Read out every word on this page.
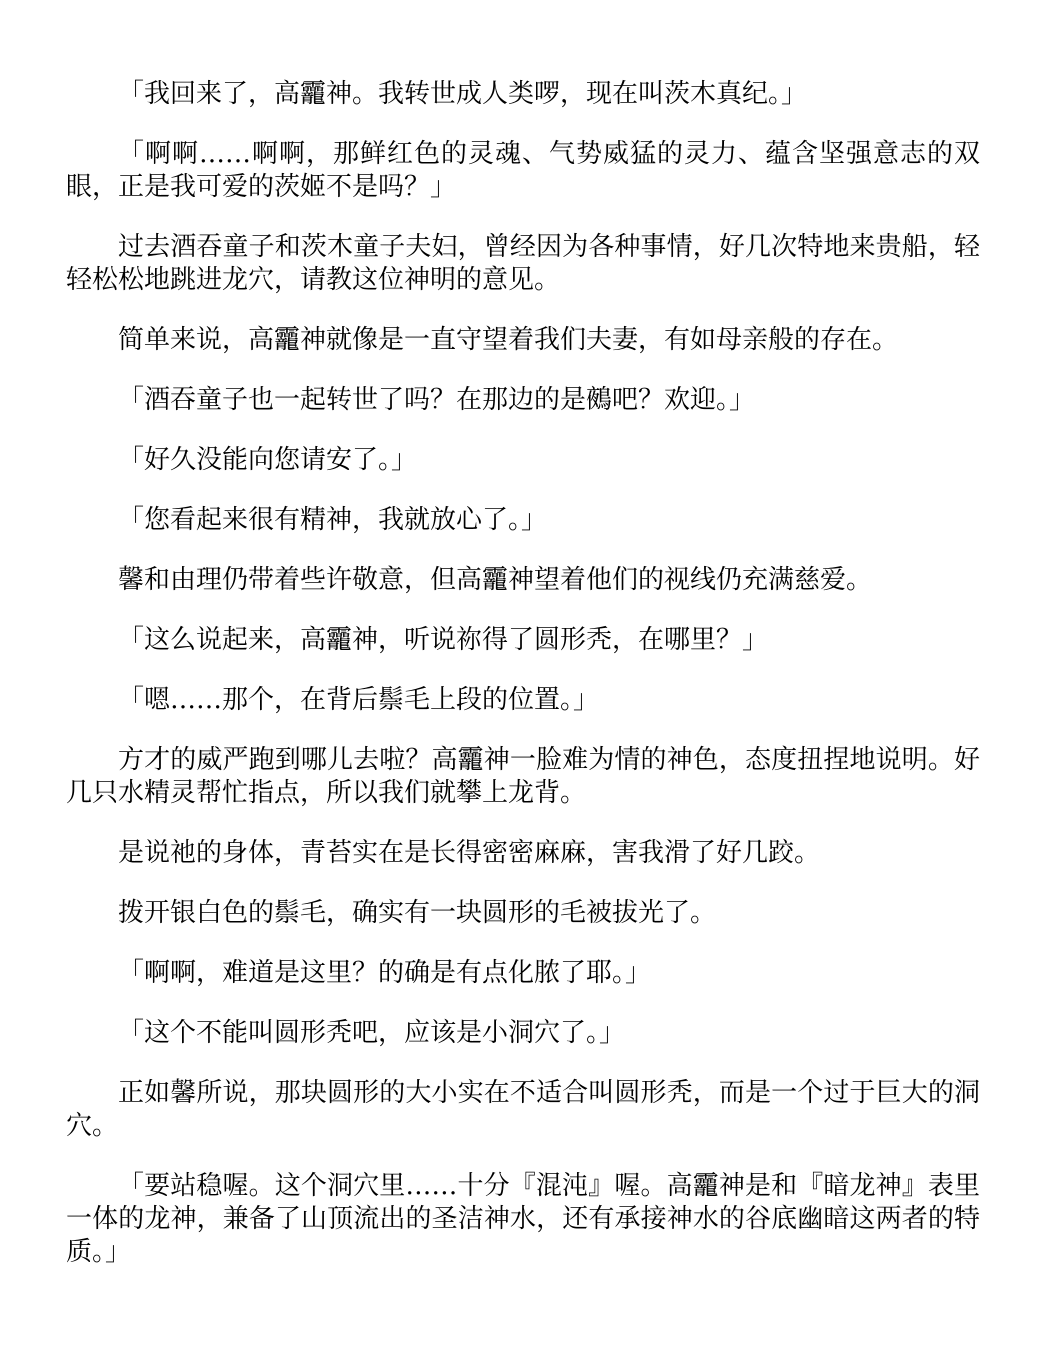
「我回来了，高龗神。我转世成人类啰，现在叫茨木真纪。」

「啊啊……啊啊，那鲜红色的灵魂、气势威猛的灵力、蕴含坚强意志的双眼，正是我可爱的茨姬不是吗？」

过去酒吞童子和茨木童子夫妇，曾经因为各种事情，好几次特地来贵船，轻轻松松地跳进龙穴，请教这位神明的意见。

简单来说，高龗神就像是一直守望着我们夫妻，有如母亲般的存在。

「酒吞童子也一起转世了吗？在那边的是鵺吧？欢迎。」

「好久没能向您请安了。」

「您看起来很有精神，我就放心了。」

馨和由理仍带着些许敬意，但高龗神望着他们的视线仍充满慈爱。

「这么说起来，高龗神，听说祢得了圆形秃，在哪里？」

「嗯……那个，在背后鬃毛上段的位置。」

方才的威严跑到哪儿去啦？高龗神一脸难为情的神色，态度扭捏地说明。好几只水精灵帮忙指点，所以我们就攀上龙背。

是说祂的身体，青苔实在是长得密密麻麻，害我滑了好几跤。

拨开银白色的鬃毛，确实有一块圆形的毛被拔光了。

「啊啊，难道是这里？的确是有点化脓了耶。」

「这个不能叫圆形秃吧，应该是小洞穴了。」

正如馨所说，那块圆形的大小实在不适合叫圆形秃，而是一个过于巨大的洞穴。

「要站稳喔。这个洞穴里……十分『混沌』喔。高龗神是和『暗龙神』表里一体的龙神，兼备了山顶流出的圣洁神水，还有承接神水的谷底幽暗这两者的特质。」
